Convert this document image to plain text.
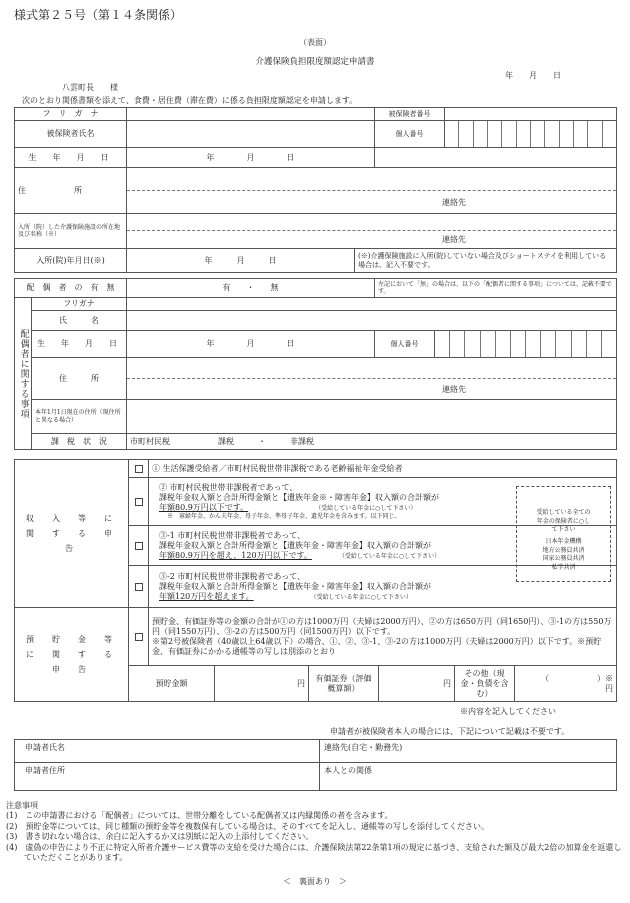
様式第２５号（第１４条関係）
（表面）
介護保険負担限度額認定申請書
年　　月　　日
八雲町長　　様
次のとおり関係書類を添えて、食費・居住費（滞在費）に係る負担限度額認定を申請します。
フ　リ　ガ　ナ			被保険者番号	
被保険者氏名			個人番号	

生　年　月　日	年　　　　月　　　　日			
住　　　　　　所	連絡先			

入所（院）した介護保険施設の所在地及び名称（※）	連絡先			

入所(院)年月日(※)	年　　　月　　　日	(※)介護保険施設に入所(院)していない場合及びショートステイを利用している場合は、記入不要です。		
配　偶　者　の　有　無		有　　・　　無	左記において「無」の場合は、以下の「配偶者に関する事項」については、記載不要です。	
配偶者に関する事項	フリガナ			
	氏　　　名			
	生　年　月　日	年　　　　月　　　　日	個人番号	

	住　　　所	連絡先		

	本年1月1日現在の住所（現住所と異なる場合）			
	課　税　状　況	市町村民税　　　　　　課税　　　・　　　非課税		
収　入　等　に　関　す　る　申　告		① 生活保護受給者／市町村民税世帯非課税である老齢福祉年金受給者

		② 市町村民税世帯非課税者であって、
課税年金収入額と合計所得金額と【遺族年金※・障害年金】収入額の合計額が
年額80.9万円以下です。 （受給している年金に○して下さい）
※　寡婦年金、かん夫年金、母子年金、準母子年金、遺児年金を含みます。以下同じ。

		③-1 市町村民税世帯非課税者であって、
課税年金収入額と合計所得金額と【遺族年金・障害年金】収入額の合計額が
年額80.9万円を超え、120万円以下です。 （受給している年金に○して下さい）

		③-2 市町村民税世帯非課税者であって、
課税年金収入額と合計所得金額と【遺族年金・障害年金】収入額の合計額が
年額120万円を超えます。 （受給している年金に○して下さい）
受給している全ての
年金の保険者に○し
て下さい
日本年金機構
地方公務員共済
国家公務員共済
私学共済
預　貯　金　等　に　関　す　る　申　告		預貯金、有価証券等の金額の合計が①の方は1000万円（夫婦は2000万円）、②の方は650万円（同1650円）、③-1の方は550万円（同1550万円）、③-2の方は500万円（同1500万円）以下です。
※第2号被保険者（40歳以上64歳以下）の場合、①、②、③-1、③-2の方は1000万円（夫婦は2000万円）以下です。※預貯金、有価証券にかかる通帳等の写しは別添のとおり					

	預貯金額		円	有価証券（評価概算額）	円	その他（現金・負債を含む）	（　　　　　　）※
円
※内容を記入してください
申請者が被保険者本人の場合には、下記について記載は不要です。
申請者氏名	連絡先(自宅・勤務先)
申請者住所	本人との関係
注意事項
(1)　この申請書における「配偶者」については、世帯分離をしている配偶者又は内縁関係の者を含みます。
(2)　預貯金等については、同じ種類の預貯金等を複数保有している場合は、そのすべてを記入し、通帳等の写しを添付してください。
(3)　書き切れない場合は、余白に記入するか又は別紙に記入の上添付してください。
(4)　虚偽の申告により不正に特定入所者介護サービス費等の支給を受けた場合には、介護保険法第22条第1項の規定に基づき、支給された額及び最大2倍の加算金を返還していただくことがあります。
＜　裏面あり　＞
